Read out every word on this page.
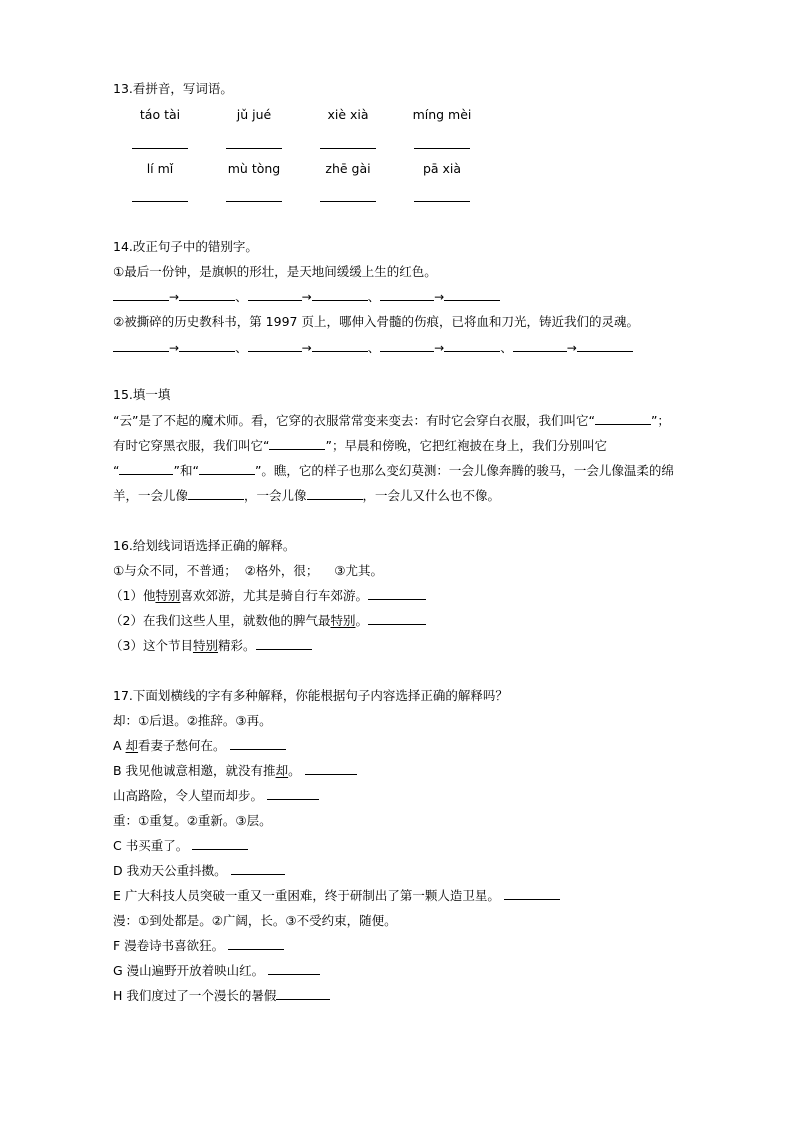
13.看拼音，写词语。
táo tài	jǔ jué	xiè xià	míng mèi
lí mǐ	mù tòng	zhē gài	pā xià
14.改正句子中的错别字。
①最后一份钟，是旗帜的形壮，是天地间缓缓上生的红色。
→	、	→	、	→
②被撕碎的历史教科书，第 1997 页上，哪伸入骨髓的伤痕，已将血和刀光，铸近我们的灵魂。
→	、	→	、	→	、	→
15.填一填
“云”是了不起的魔术师。看，它穿的衣服常常变来变去：有时它会穿白衣服，我们叫它“	”；
有时它穿黑衣服，我们叫它“	”；早晨和傍晚，它把红袍披在身上，我们分别叫它
“	”和“	”。瞧，它的样子也那么变幻莫测：一会儿像奔腾的骏马，一会儿像温柔的绵
羊，一会儿像	，一会儿像	，一会儿又什么也不像。
16.给划线词语选择正确的解释。
①与众不同，不普通；  ②格外，很；    ③尤其。
（1）他特别喜欢郊游，尤其是骑自行车郊游。
（2）在我们这些人里，就数他的脾气最特别。
（3）这个节目特别精彩。
17.下面划横线的字有多种解释，你能根据句子内容选择正确的解释吗？
却：①后退。②推辞。③再。
A 却看妻子愁何在。
B 我见他诚意相邀，就没有推却。
山高路险，令人望而却步。
重：①重复。②重新。③层。
C 书买重了。
D 我劝天公重抖擞。
E 广大科技人员突破一重又一重困难，终于研制出了第一颗人造卫星。
漫：①到处都是。②广阔，长。③不受约束，随便。
F 漫卷诗书喜欲狂。
G 漫山遍野开放着映山红。
H 我们度过了一个漫长的暑假
